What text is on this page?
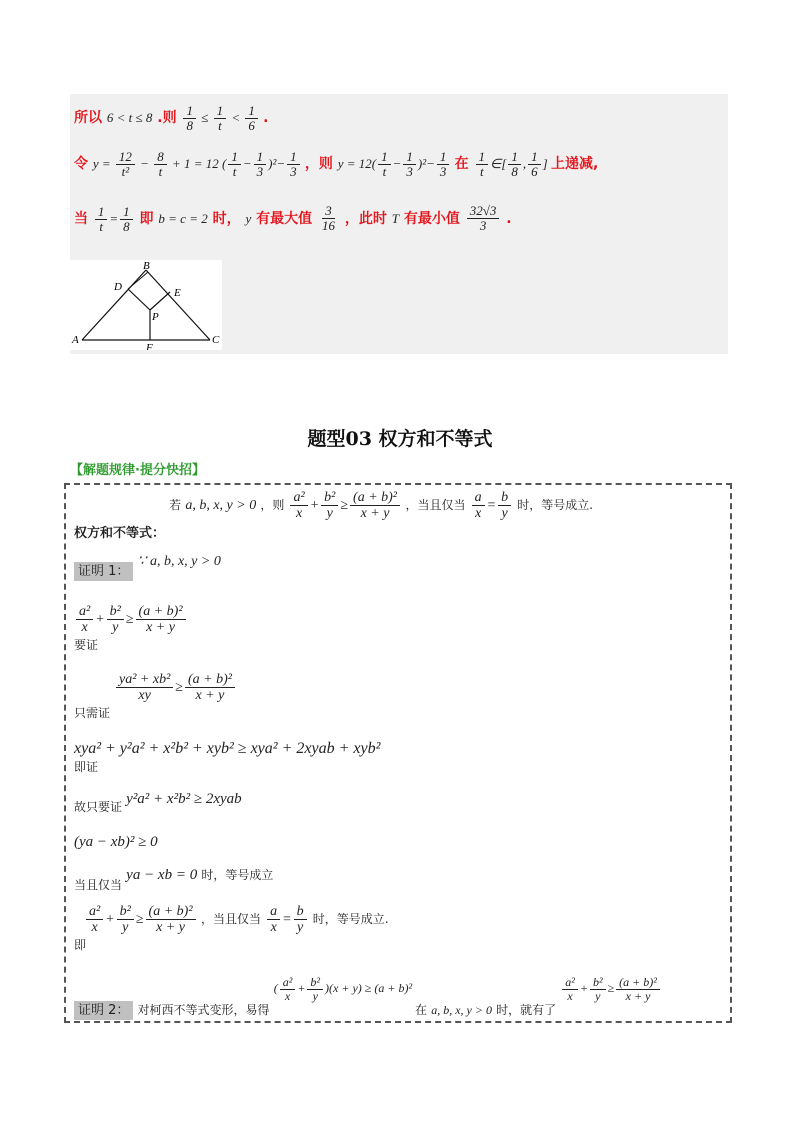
所以 6 < t ≤ 8 .则 $\frac{1}{8} \le \frac{1}{t} < \frac{1}{6}$ .
令 $y = \frac{12}{\text{t²}} - \frac{8}{t} + 1 = 12$ ( $\frac{1}{t} - \frac{1}{3} )^2- \frac{1}{3}$ ，则 $y = 12( \frac{1}{t} - \frac{1}{3} )^2- \frac{1}{3}$ 在 $\frac{1}{t}$ ∈[ $\frac{1}{8}$ , $\frac{1}{6}$ ] 上递减,
当 $\frac{1}{t} = \frac{1}{8}$ 即 b = c = 2 时， y 有最大值 $\frac{3}{16}$ ，此时 T 有最小值 $\frac{32√3}{3}$ .
B
D	E
P
A
F
C
题型03 权方和不等式
【解题规律·提分快招】
权方和不等式： 若 a, b, x, y > 0 ，则 $\frac{\text{a²}}{x} + \frac{\text{b²}}{y} \ge \frac{\text{(a + b)²}}{x + y}$ ，当且仅当 $\frac{a}{x} = \frac{b}{y}$ 时，等号成立.
证明 1： ∵ a, b, x, y > 0
$\frac{\text{a²}}{x} + \frac{\text{b²}}{y} \ge \frac{\text{(a + b)²}}{x + y}$
要证
$\frac{\text{ya² + xb²}}{xy} \ge \frac{\text{(a + b)²}}{x + y}$
只需证
xya² + y²a² + x²b² + xyb² ≥ xya² + 2xyab + xyb²
即证
故只要证 y²a² + x²b² ≥ 2xyab
(ya − xb)² ≥ 0
当且仅当 ya − xb = 0 时，等号成立
$\frac{\text{a²}}{x} + \frac{\text{b²}}{y} \ge \frac{\text{(a + b)²}}{x + y}$ ，当且仅当 $\frac{a}{x} = \frac{b}{y}$ 时，等号成立.
即
证明 2： 对柯西不等式变形，易得 ( $\frac{\text{a²}}{x} + \frac{\text{b²}}{y} )(x + y) \ge (a + b)^2$ 在 a, b, x, y > 0 时，就有了
$\frac{\text{a²}}{x} + \frac{\text{b²}}{y} \ge \frac{\text{(a + b)²}}{x + y}$
